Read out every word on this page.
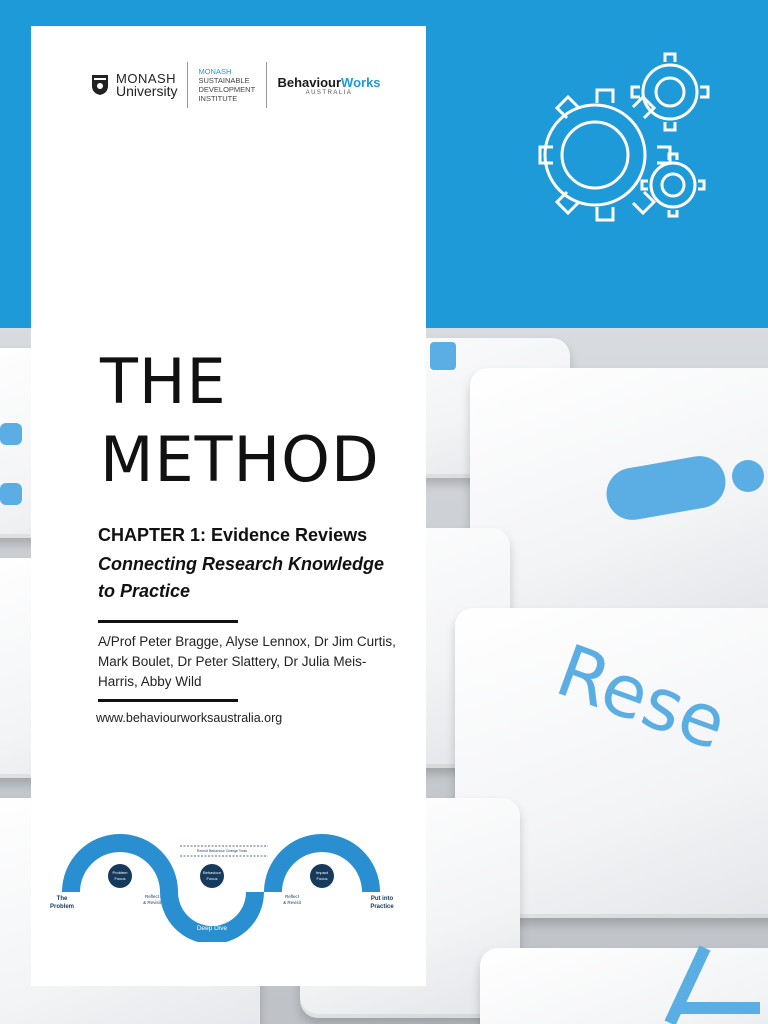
Rese
MONASH
University
MONASH
SUSTAINABLE
DEVELOPMENT
INSTITUTE
BehaviourWorks
AUSTRALIA
THE
METHOD
CHAPTER 1: Evidence Reviews
Connecting Research Knowledge to Practice
A/Prof Peter Bragge, Alyse Lennox, Dr Jim Curtis, Mark Boulet, Dr Peter Slattery, Dr Julia Meis-Harris, Abby Wild
www.behaviourworksaustralia.org
Exploration	Application
Deep Dive
Problem
Focus
Behaviour
Focus
Impact
Focus
The
Problem
Put into
Practice
Reflect
& Revisit
Reflect
& Revisit
Recruit Behaviour Change Tools
